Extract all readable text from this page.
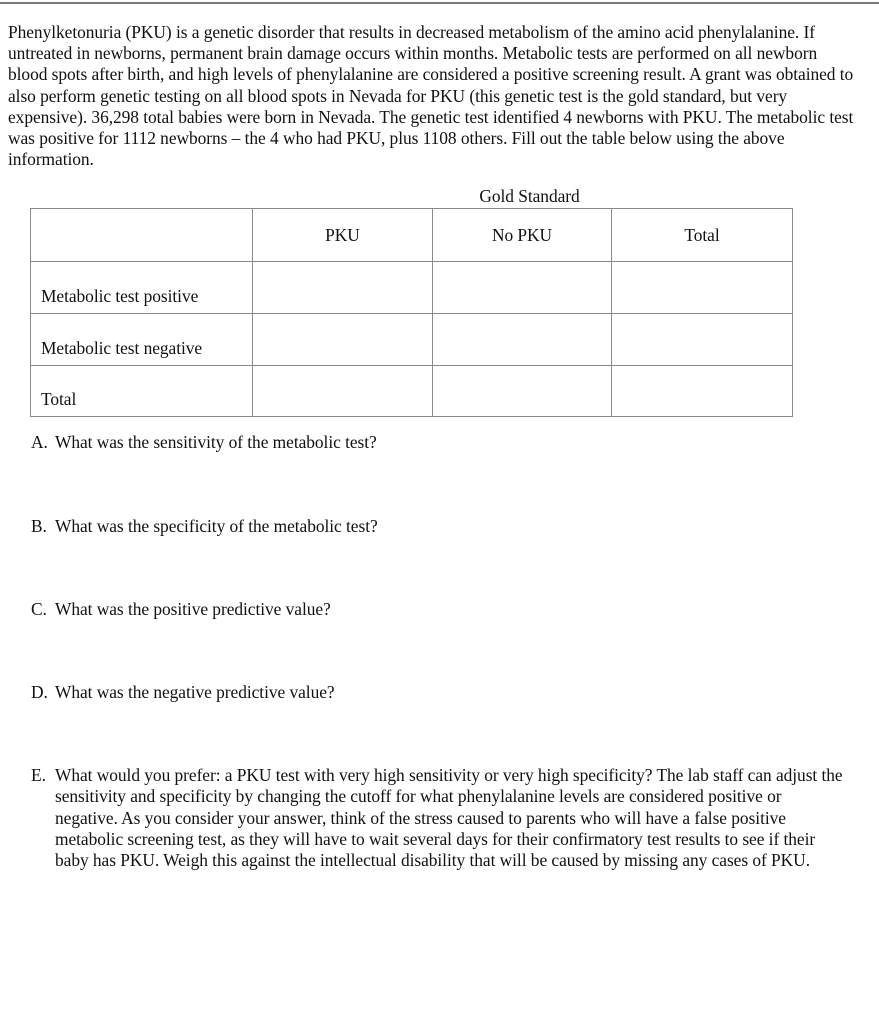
Phenylketonuria (PKU) is a genetic disorder that results in decreased metabolism of the amino acid phenylalanine. If untreated in newborns, permanent brain damage occurs within months. Metabolic tests are performed on all newborn blood spots after birth, and high levels of phenylalanine are considered a positive screening result. A grant was obtained to also perform genetic testing on all blood spots in Nevada for PKU (this genetic test is the gold standard, but very expensive). 36,298 total babies were born in Nevada. The genetic test identified 4 newborns with PKU. The metabolic test was positive for 1112 newborns – the 4 who had PKU, plus 1108 others. Fill out the table below using the above information.

Gold Standard
	PKU	No PKU	Total
Metabolic test positive			
Metabolic test negative			
Total			
A. What was the sensitivity of the metabolic test?
B. What was the specificity of the metabolic test?
C. What was the positive predictive value?
D. What was the negative predictive value?
E. What would you prefer: a PKU test with very high sensitivity or very high specificity? The lab staff can adjust the sensitivity and specificity by changing the cutoff for what phenylalanine levels are considered positive or negative. As you consider your answer, think of the stress caused to parents who will have a false positive metabolic screening test, as they will have to wait several days for their confirmatory test results to see if their baby has PKU. Weigh this against the intellectual disability that will be caused by missing any cases of PKU.
